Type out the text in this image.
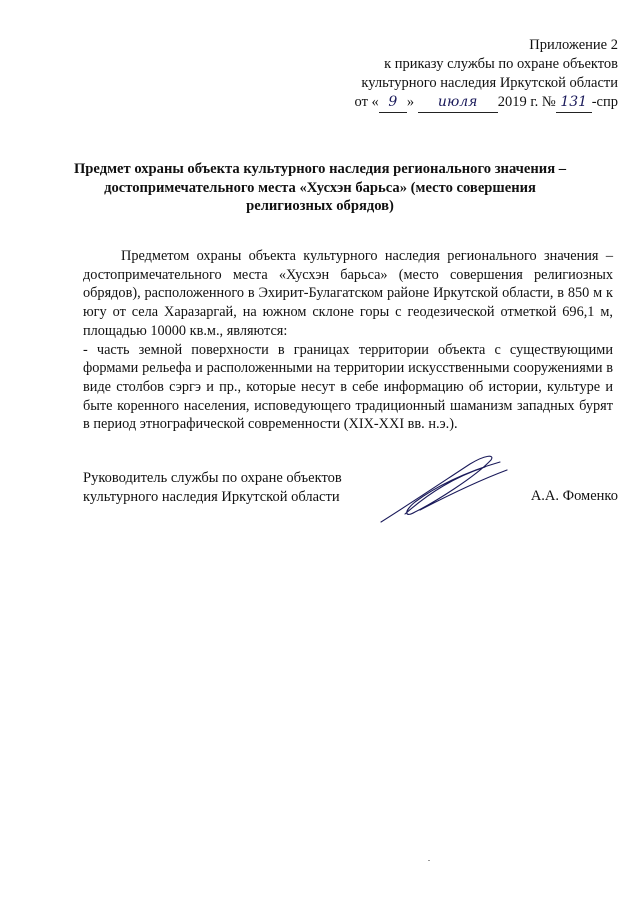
Приложение 2
к приказу службы по охране объектов
культурного наследия Иркутской области
от « 9 » июля 2019 г. № 131 -спр
Предмет охраны объекта культурного наследия регионального значения –
достопримечательного места «Хусхэн барьса» (место совершения
религиозных обрядов)

Предметом охраны объекта культурного наследия регионального значения – достопримечательного места «Хусхэн барьса» (место совершения религиозных обрядов), расположенного в Эхирит-Булагатском районе Иркутской области, в 850 м к югу от села Харазаргай, на южном склоне горы с геодезической отметкой 696,1 м, площадью 10000 кв.м., являются:

- часть земной поверхности в границах территории объекта с существующими формами рельефа и расположенными на территории искусственными сооружениями в виде столбов сэргэ и пр., которые несут в себе информацию об истории, культуре и быте коренного населения, исповедующего традиционный шаманизм западных бурят в период этнографической современности (XIX-XXI вв. н.э.).

Руководитель службы по охране объектов
культурного наследия Иркутской области	А.А. Фоменко
